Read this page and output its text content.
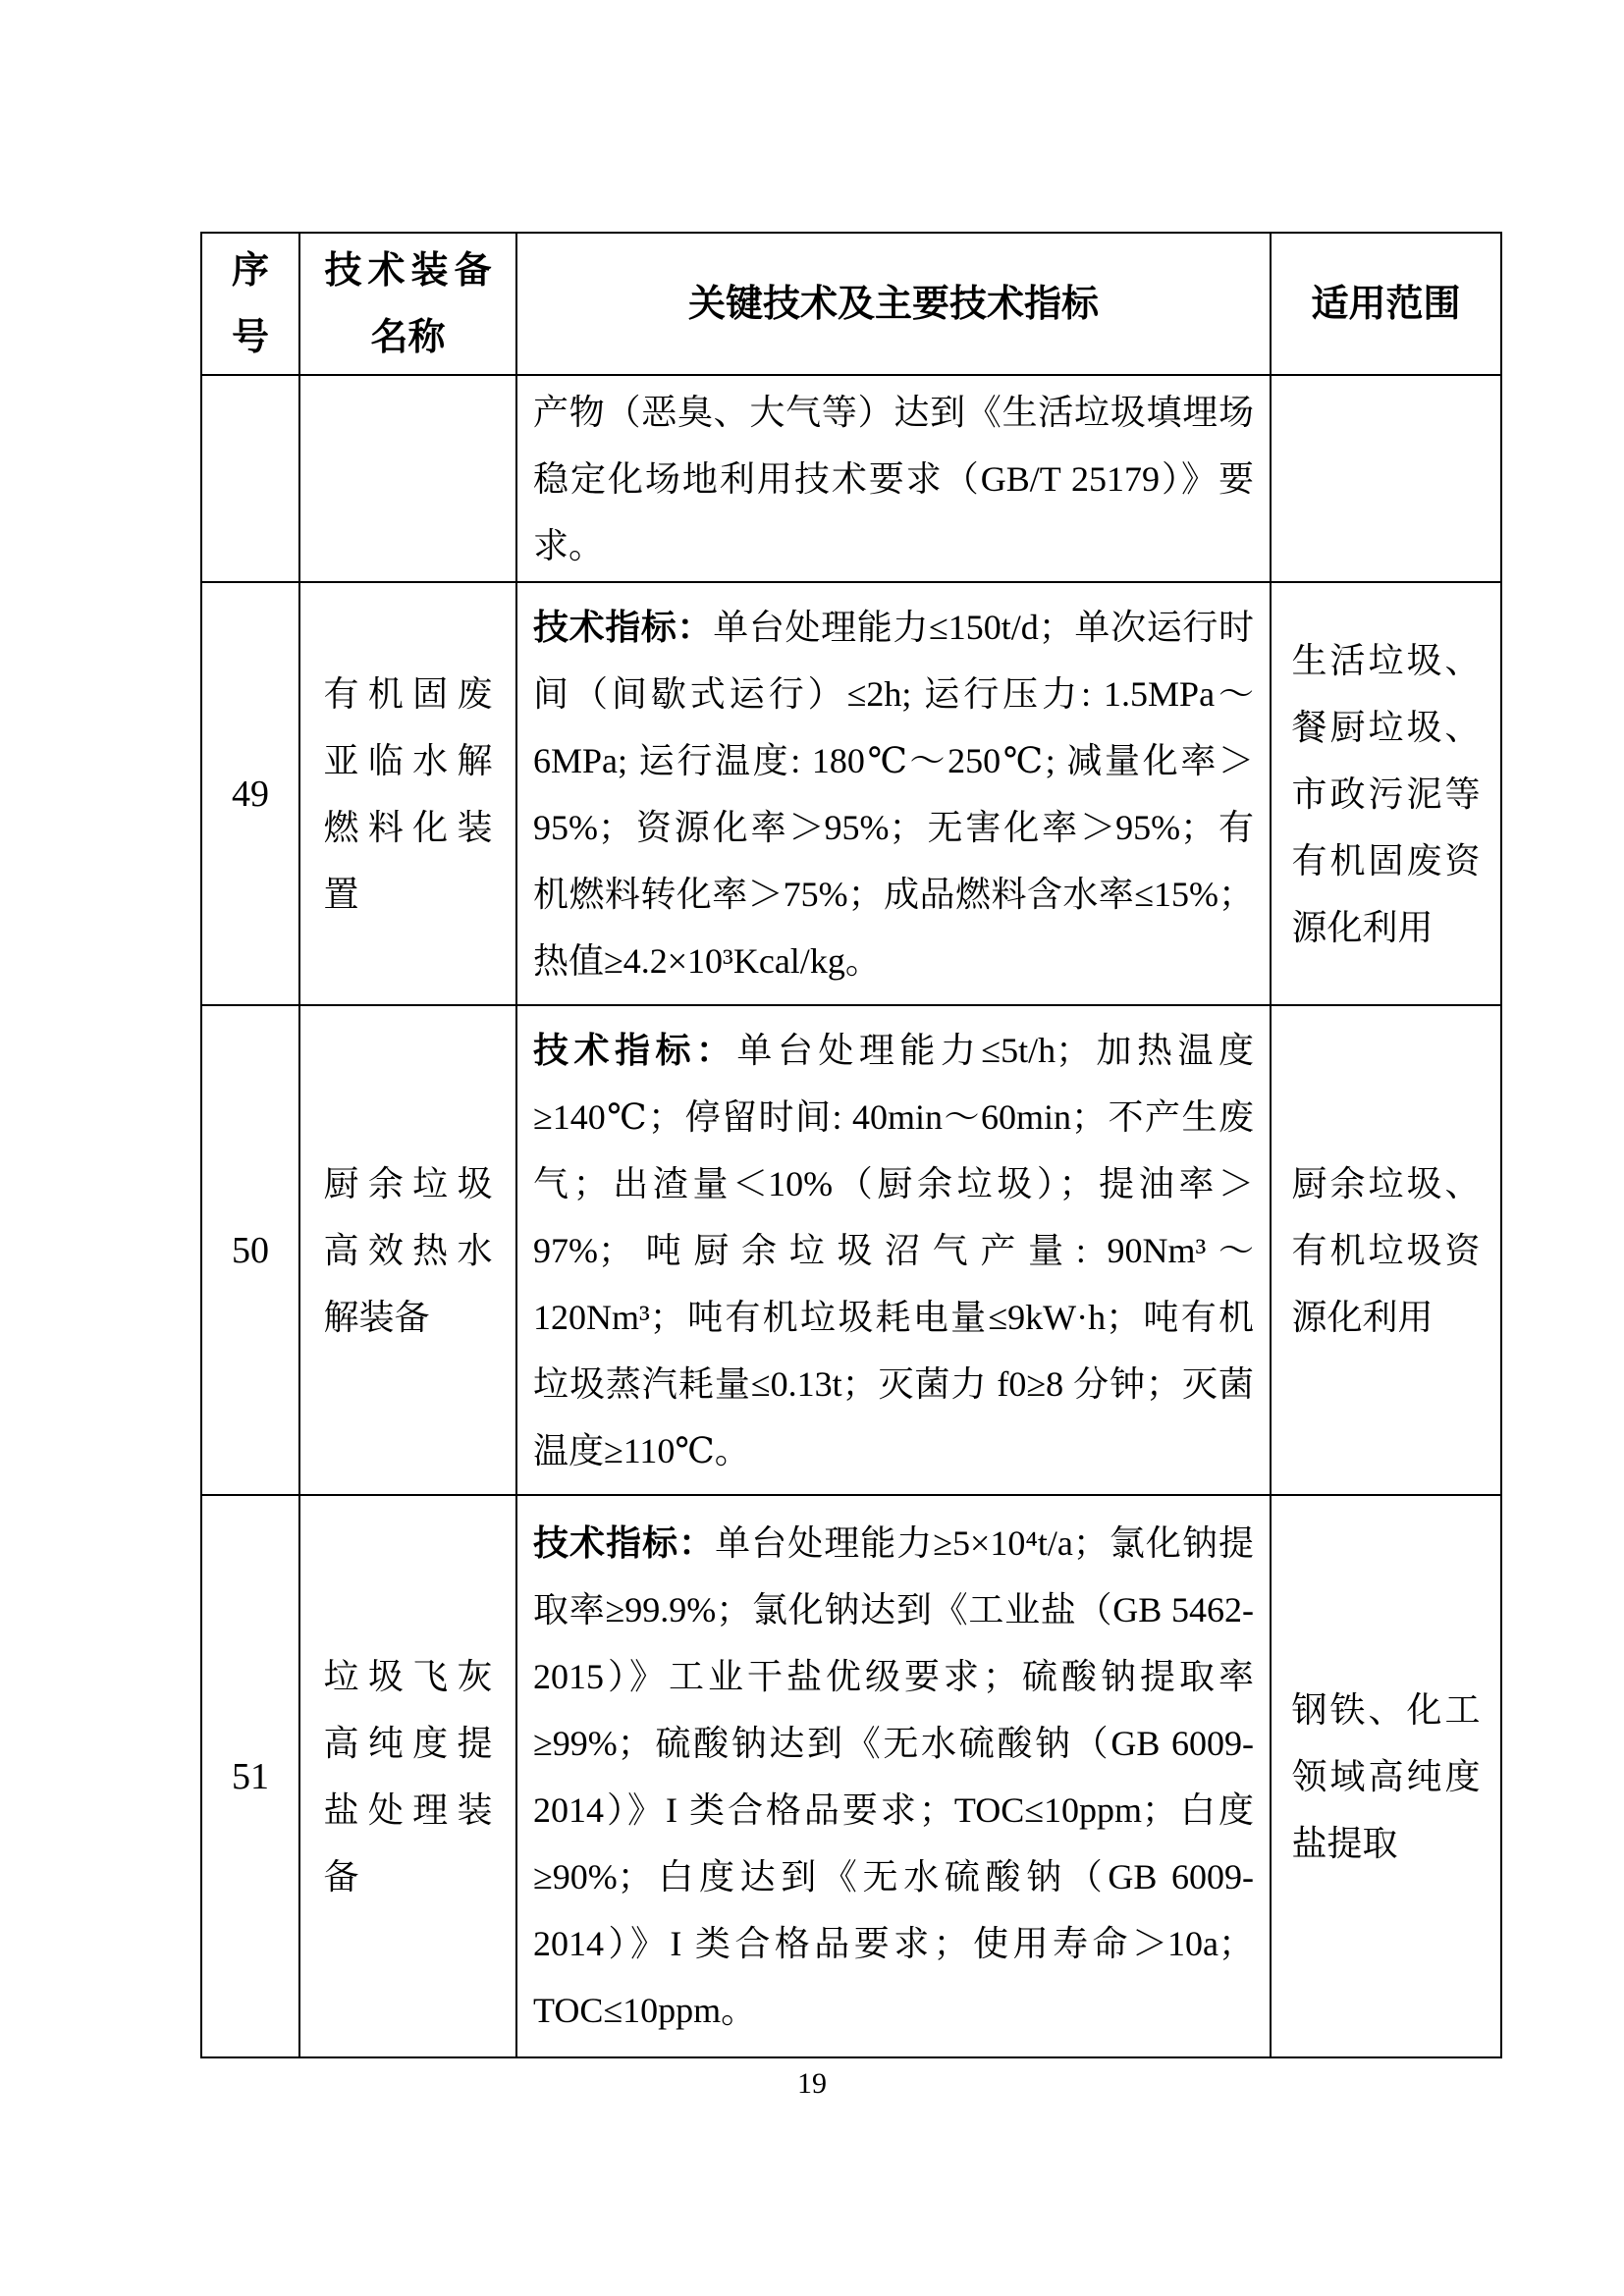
序号	技术装备名称	关键技术及主要技术指标	适用范围
		产物（恶臭、大气等）达到《生活垃圾填埋场稳定化场地利用技术要求（GB/T 25179）》要求。	
49	有机固废亚临水解燃料化装置	技术指标：单台处理能力≤150t/d；单次运行时间（间歇式运行）≤2h; 运行压力: 1.5MPa～6MPa; 运行温度: 180℃～250℃; 减量化率＞95%；资源化率＞95%；无害化率＞95%；有机燃料转化率＞75%；成品燃料含水率≤15%；热值≥4.2×10³Kcal/kg。	生活垃圾、餐厨垃圾、市政污泥等有机固废资源化利用
50	厨余垃圾高效热水解装备	技术指标：单台处理能力≤5t/h；加热温度≥140℃；停留时间: 40min～60min；不产生废气；出渣量＜10%（厨余垃圾）；提油率＞97%；吨厨余垃圾沼气产量: 90Nm³～120Nm³；吨有机垃圾耗电量≤9kW·h；吨有机垃圾蒸汽耗量≤0.13t；灭菌力 f0≥8 分钟；灭菌温度≥110℃。	厨余垃圾、有机垃圾资源化利用
51	垃圾飞灰高纯度提盐处理装备	技术指标：单台处理能力≥5×10⁴t/a；氯化钠提取率≥99.9%；氯化钠达到《工业盐（GB 5462-2015）》工业干盐优级要求；硫酸钠提取率≥99%；硫酸钠达到《无水硫酸钠（GB 6009-2014）》I 类合格品要求；TOC≤10ppm；白度≥90%；白度达到《无水硫酸钠（GB 6009-2014）》I 类合格品要求；使用寿命＞10a；TOC≤10ppm。	钢铁、化工领域高纯度盐提取
19
